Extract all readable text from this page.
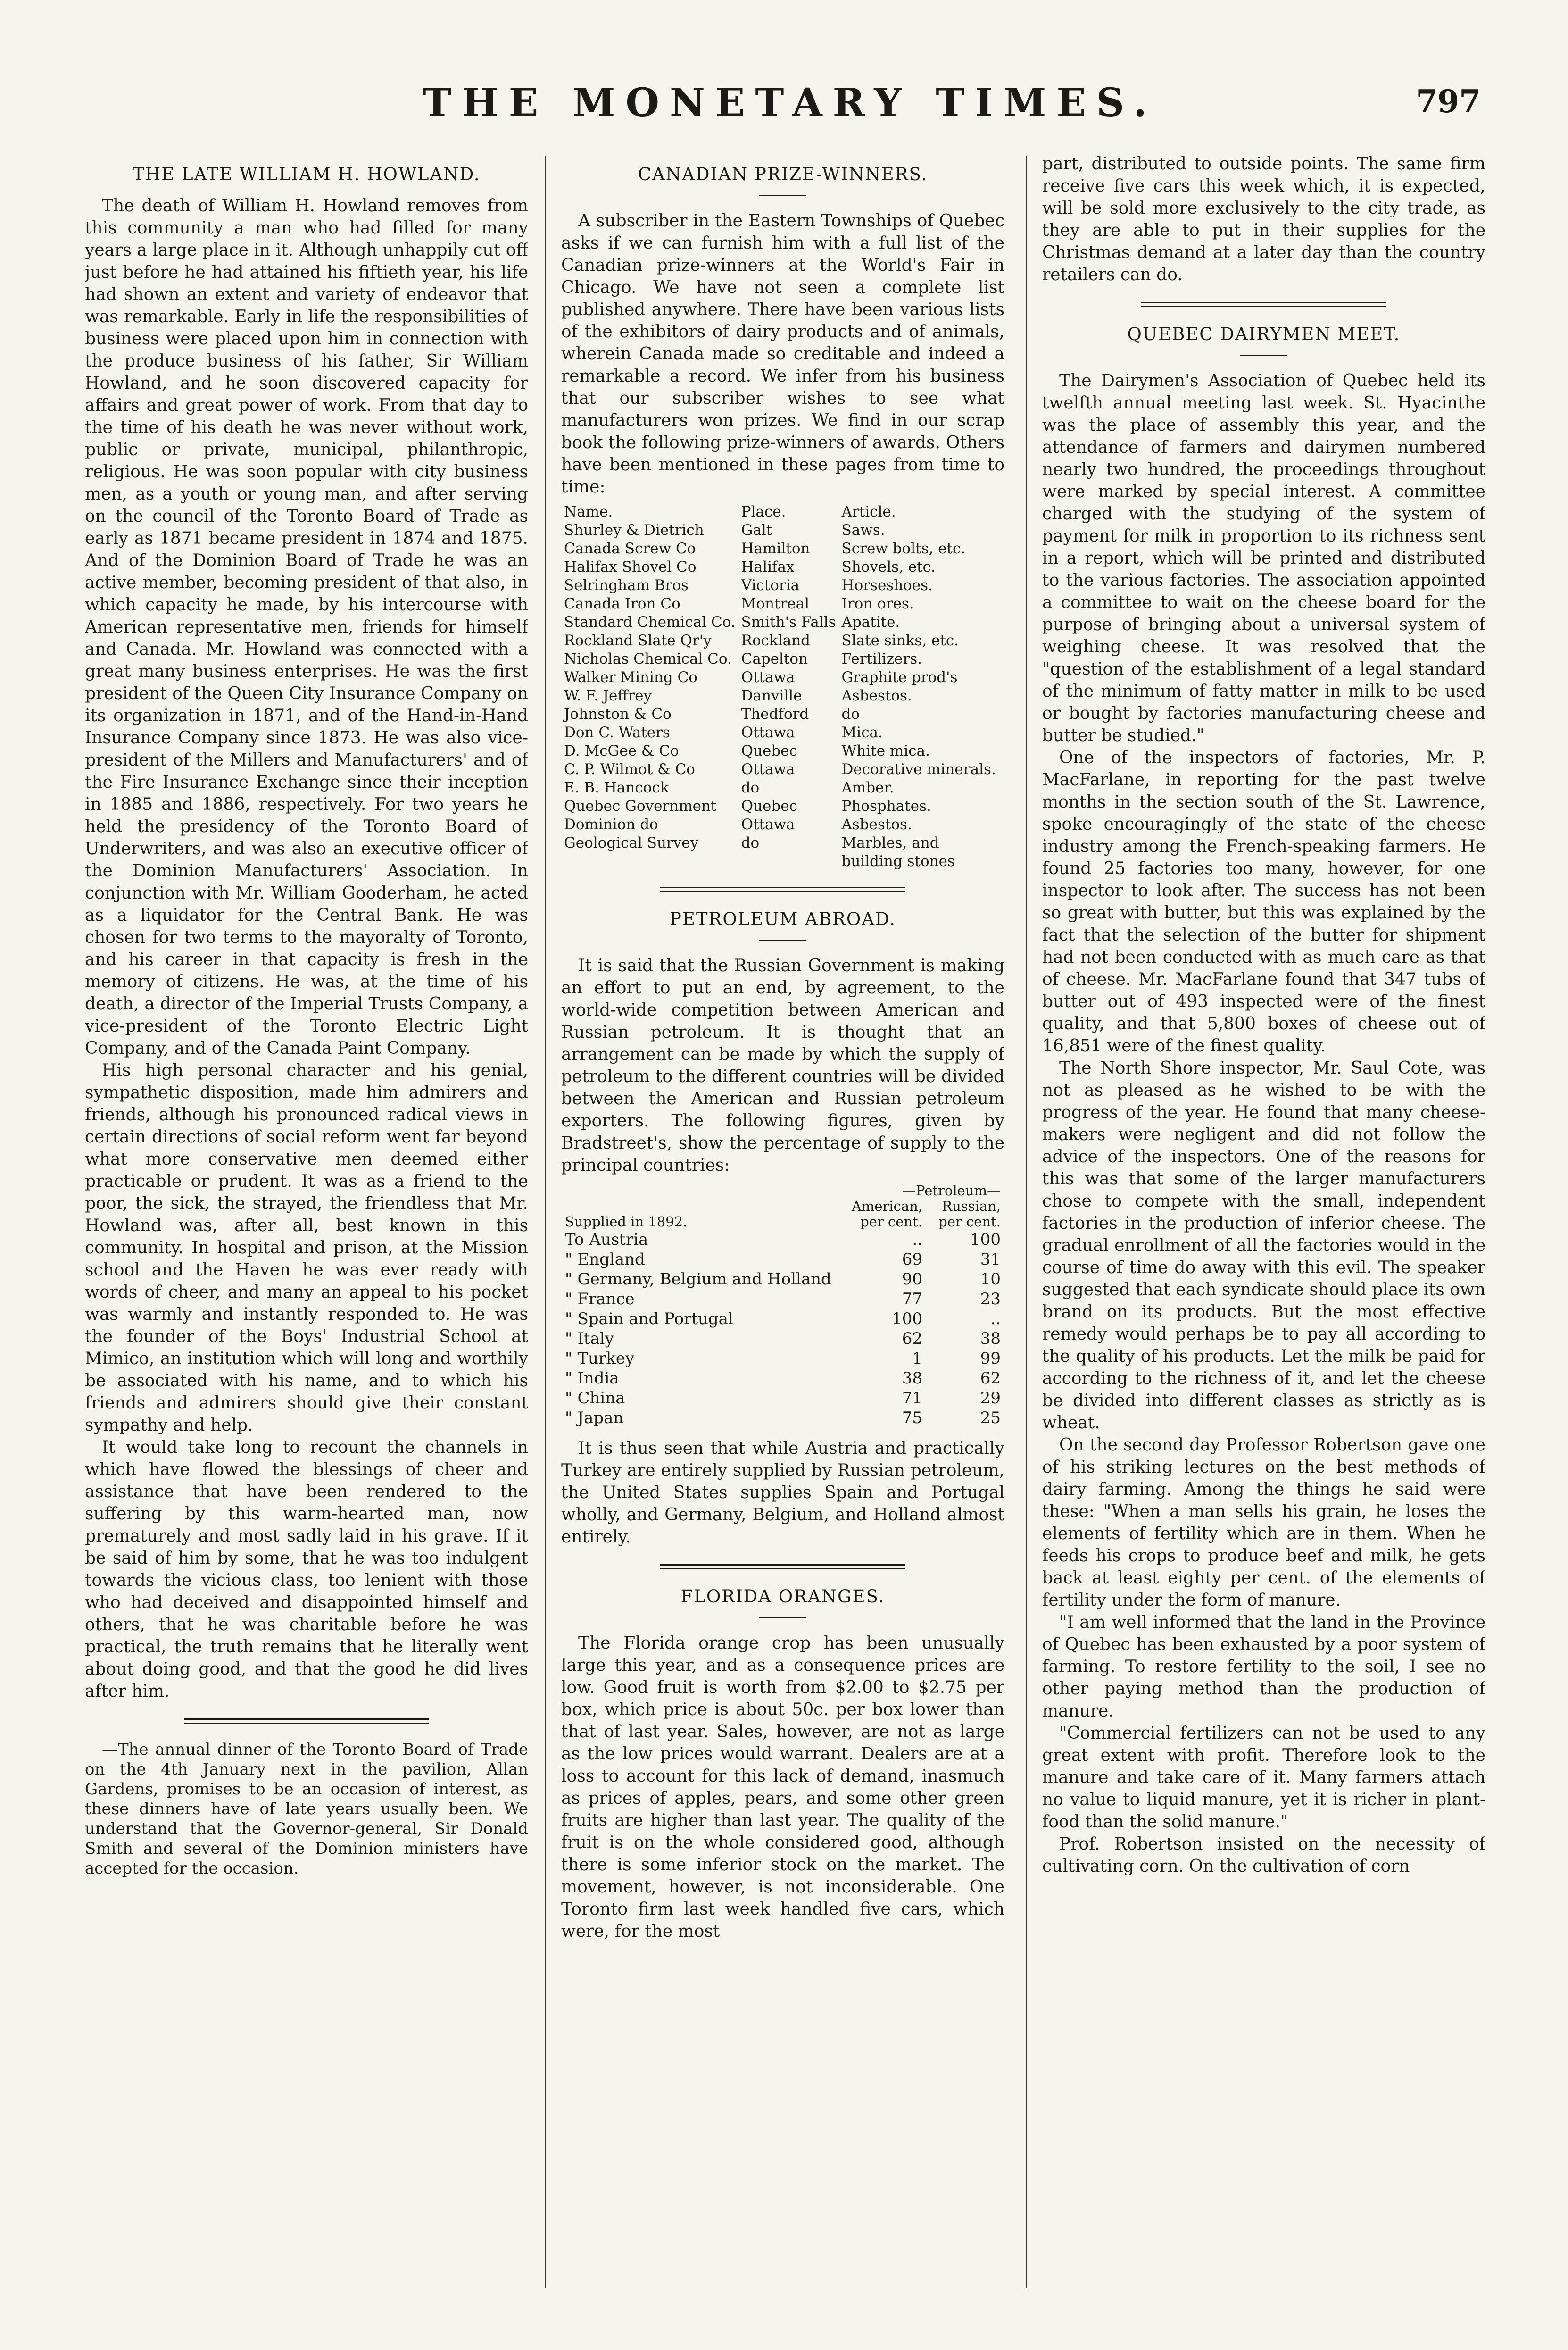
THE MONETARY TIMES.	797
THE LATE WILLIAM H. HOWLAND.

The death of William H. Howland removes from this community a man who had filled for many years a large place in it. Although unhappily cut off just before he had attained his fiftieth year, his life had shown an extent and variety of endeavor that was remarkable. Early in life the responsibilities of business were placed upon him in connection with the produce business of his father, Sir William Howland, and he soon discovered capacity for affairs and great power of work. From that day to the time of his death he was never without work, public or private, municipal, philanthropic, religious. He was soon popular with city business men, as a youth or young man, and after serving on the council of the Toronto Board of Trade as early as 1871 became president in 1874 and 1875. And of the Dominion Board of Trade he was an active member, becoming president of that also, in which capacity he made, by his intercourse with American representative men, friends for himself and Canada. Mr. Howland was connected with a great many business enterprises. He was the first president of the Queen City Insurance Company on its organization in 1871, and of the Hand-in-Hand Insurance Company since 1873. He was also vice-president of the Millers and Manufacturers' and of the Fire Insurance Exchange since their inception in 1885 and 1886, respectively. For two years he held the presidency of the Toronto Board of Underwriters, and was also an executive officer of the Dominion Manufacturers' Association. In conjunction with Mr. William Gooderham, he acted as a liquidator for the Central Bank. He was chosen for two terms to the mayoralty of Toronto, and his career in that capacity is fresh in the memory of citizens. He was, at the time of his death, a director of the Imperial Trusts Company, a vice-president of the Toronto Electric Light Company, and of the Canada Paint Company.

His high personal character and his genial, sympathetic disposition, made him admirers and friends, although his pronounced radical views in certain directions of social reform went far beyond what more conservative men deemed either practicable or prudent. It was as a friend to the poor, the sick, the strayed, the friendless that Mr. Howland was, after all, best known in this community. In hospital and prison, at the Mission school and the Haven he was ever ready with words of cheer, and many an appeal to his pocket was warmly and instantly responded to. He was the founder of the Boys' Industrial School at Mimico, an institution which will long and worthily be associated with his name, and to which his friends and admirers should give their constant sympathy and help.

It would take long to recount the channels in which have flowed the blessings of cheer and assistance that have been rendered to the suffering by this warm-hearted man, now prematurely and most sadly laid in his grave. If it be said of him by some, that he was too indulgent towards the vicious class, too lenient with those who had deceived and disappointed himself and others, that he was charitable before he was practical, the truth remains that he literally went about doing good, and that the good he did lives after him.

—The annual dinner of the Toronto Board of Trade on the 4th January next in the pavilion, Allan Gardens, promises to be an occasion of interest, as these dinners have of late years usually been. We understand that the Governor-general, Sir Donald Smith and several of the Dominion ministers have accepted for the occasion.

CANADIAN PRIZE-WINNERS.

A subscriber in the Eastern Townships of Quebec asks if we can furnish him with a full list of the Canadian prize-winners at the World's Fair in Chicago. We have not seen a complete list published anywhere. There have been various lists of the exhibitors of dairy products and of animals, wherein Canada made so creditable and indeed a remarkable a record. We infer from his business that our subscriber wishes to see what manufacturers won prizes. We find in our scrap book the following prize-winners of awards. Others have been mentioned in these pages from time to time:

Name.	Place.	Article.
Shurley & Dietrich	Galt	Saws.
Canada Screw Co	Hamilton	Screw bolts, etc.
Halifax Shovel Co	Halifax	Shovels, etc.
Selringham Bros	Victoria	Horseshoes.
Canada Iron Co	Montreal	Iron ores.
Standard Chemical Co.	Smith's Falls	Apatite.
Rockland Slate Qr'y	Rockland	Slate sinks, etc.
Nicholas Chemical Co.	Capelton	Fertilizers.
Walker Mining Co	Ottawa	Graphite prod's
W. F. Jeffrey	Danville	Asbestos.
Johnston & Co	Thedford	do
Don C. Waters	Ottawa	Mica.
D. McGee & Co	Quebec	White mica.
C. P. Wilmot & Co	Ottawa	Decorative minerals.
E. B. Hancock	do	Amber.
Quebec Government	Quebec	Phosphates.
Dominion do	Ottawa	Asbestos.
Geological Survey	do	Marbles, and building stones
PETROLEUM ABROAD.

It is said that the Russian Government is making an effort to put an end, by agreement, to the world-wide competition between American and Russian petroleum. It is thought that an arrangement can be made by which the supply of petroleum to the different countries will be divided between the American and Russian petroleum exporters. The following figures, given by Bradstreet's, show the percentage of supply to the principal countries:

	—Petroleum—	
Supplied in 1892.	American, per cent.	Russian, per cent.
To Austria	..	100
" England	69	31
" Germany, Belgium and Holland	90	10
" France	77	23
" Spain and Portugal	100	..
" Italy	62	38
" Turkey	1	99
" India	38	62
" China	71	29
" Japan	75	25

It is thus seen that while Austria and practically Turkey are entirely supplied by Russian petroleum, the United States supplies Spain and Portugal wholly, and Germany, Belgium, and Holland almost entirely.

FLORIDA ORANGES.

The Florida orange crop has been unusually large this year, and as a consequence prices are low. Good fruit is worth from $2.00 to $2.75 per box, which price is about 50c. per box lower than that of last year. Sales, however, are not as large as the low prices would warrant. Dealers are at a loss to account for this lack of demand, inasmuch as prices of apples, pears, and some other green fruits are higher than last year. The quality of the fruit is on the whole considered good, although there is some inferior stock on the market. The movement, however, is not inconsiderable. One Toronto firm last week handled five cars, which were, for the most

part, distributed to outside points. The same firm receive five cars this week which, it is expected, will be sold more exclusively to the city trade, as they are able to put in their supplies for the Christmas demand at a later day than the country retailers can do.

QUEBEC DAIRYMEN MEET.

The Dairymen's Association of Quebec held its twelfth annual meeting last week. St. Hyacinthe was the place of assembly this year, and the attendance of farmers and dairymen numbered nearly two hundred, the proceedings throughout were marked by special interest. A committee charged with the studying of the system of payment for milk in proportion to its richness sent in a report, which will be printed and distributed to the various factories. The association appointed a committee to wait on the cheese board for the purpose of bringing about a universal system of weighing cheese. It was resolved that the "question of the establishment of a legal standard of the minimum of fatty matter in milk to be used or bought by factories manufacturing cheese and butter be studied."

One of the inspectors of factories, Mr. P. MacFarlane, in reporting for the past twelve months in the section south of the St. Lawrence, spoke encouragingly of the state of the cheese industry among the French-speaking farmers. He found 25 factories too many, however, for one inspector to look after. The success has not been so great with butter, but this was explained by the fact that the selection of the butter for shipment had not been conducted with as much care as that of cheese. Mr. MacFarlane found that 347 tubs of butter out of 493 inspected were of the finest quality, and that 5,800 boxes of cheese out of 16,851 were of the finest quality.

The North Shore inspector, Mr. Saul Cote, was not as pleased as he wished to be with the progress of the year. He found that many cheese-makers were negligent and did not follow the advice of the inspectors. One of the reasons for this was that some of the larger manufacturers chose to compete with the small, independent factories in the production of inferior cheese. The gradual enrollment of all the factories would in the course of time do away with this evil. The speaker suggested that each syndicate should place its own brand on its products. But the most effective remedy would perhaps be to pay all according to the quality of his products. Let the milk be paid for according to the richness of it, and let the cheese be divided into different classes as strictly as is wheat.

On the second day Professor Robertson gave one of his striking lectures on the best methods of dairy farming. Among the things he said were these: "When a man sells his grain, he loses the elements of fertility which are in them. When he feeds his crops to produce beef and milk, he gets back at least eighty per cent. of the elements of fertility under the form of manure.

"I am well informed that the land in the Province of Quebec has been exhausted by a poor system of farming. To restore fertility to the soil, I see no other paying method than the production of manure.

"Commercial fertilizers can not be used to any great extent with profit. Therefore look to the manure and take care of it. Many farmers attach no value to liquid manure, yet it is richer in plant-food than the solid manure."

Prof. Robertson insisted on the necessity of cultivating corn. On the cultivation of corn
